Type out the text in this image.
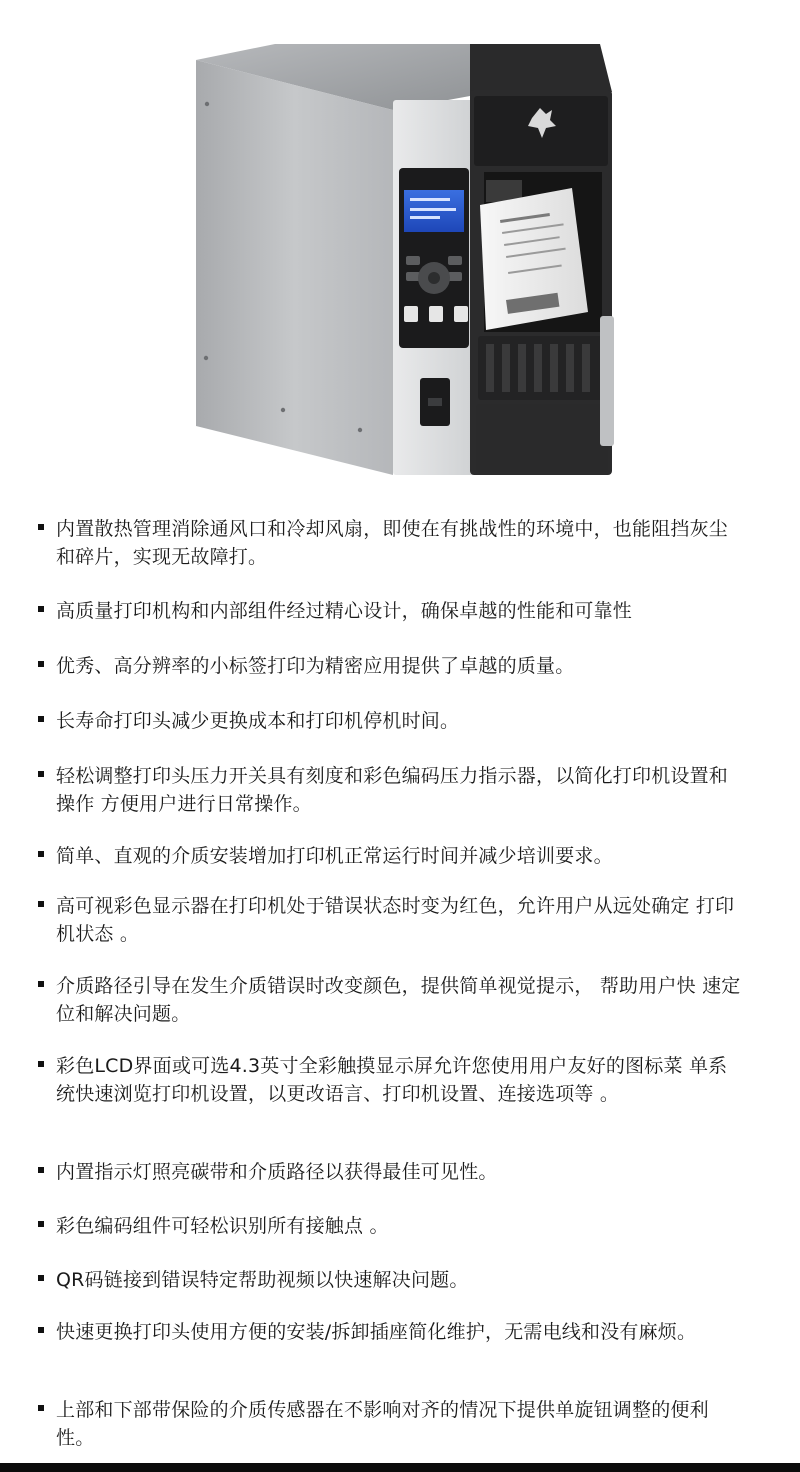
内置散热管理消除通风口和冷却风扇，即使在有挑战性的环境中，也能阻挡灰尘和碎片，实现无故障打。
高质量打印机构和内部组件经过精心设计，确保卓越的性能和可靠性
优秀、高分辨率的小标签打印为精密应用提供了卓越的质量。
长寿命打印头减少更换成本和打印机停机时间。
轻松调整打印头压力开关具有刻度和彩色编码压力指示器，以简化打印机设置和操作 方便用户进行日常操作。
简单、直观的介质安装增加打印机正常运行时间并减少培训要求。
高可视彩色显示器在打印机处于错误状态时变为红色，允许用户从远处确定 打印机状态 。
介质路径引导在发生介质错误时改变颜色，提供简单视觉提示， 帮助用户快 速定位和解决问题。
彩色LCD界面或可选4.3英寸全彩触摸显示屏允许您使用用户友好的图标菜 单系统快速浏览打印机设置，以更改语言、打印机设置、连接选项等 。
内置指示灯照亮碳带和介质路径以获得最佳可见性。
彩色编码组件可轻松识别所有接触点 。
QR码链接到错误特定帮助视频以快速解决问题。
快速更换打印头使用方便的安装/拆卸插座简化维护，无需电线和没有麻烦。
上部和下部带保险的介质传感器在不影响对齐的情况下提供单旋钮调整的便利性。
